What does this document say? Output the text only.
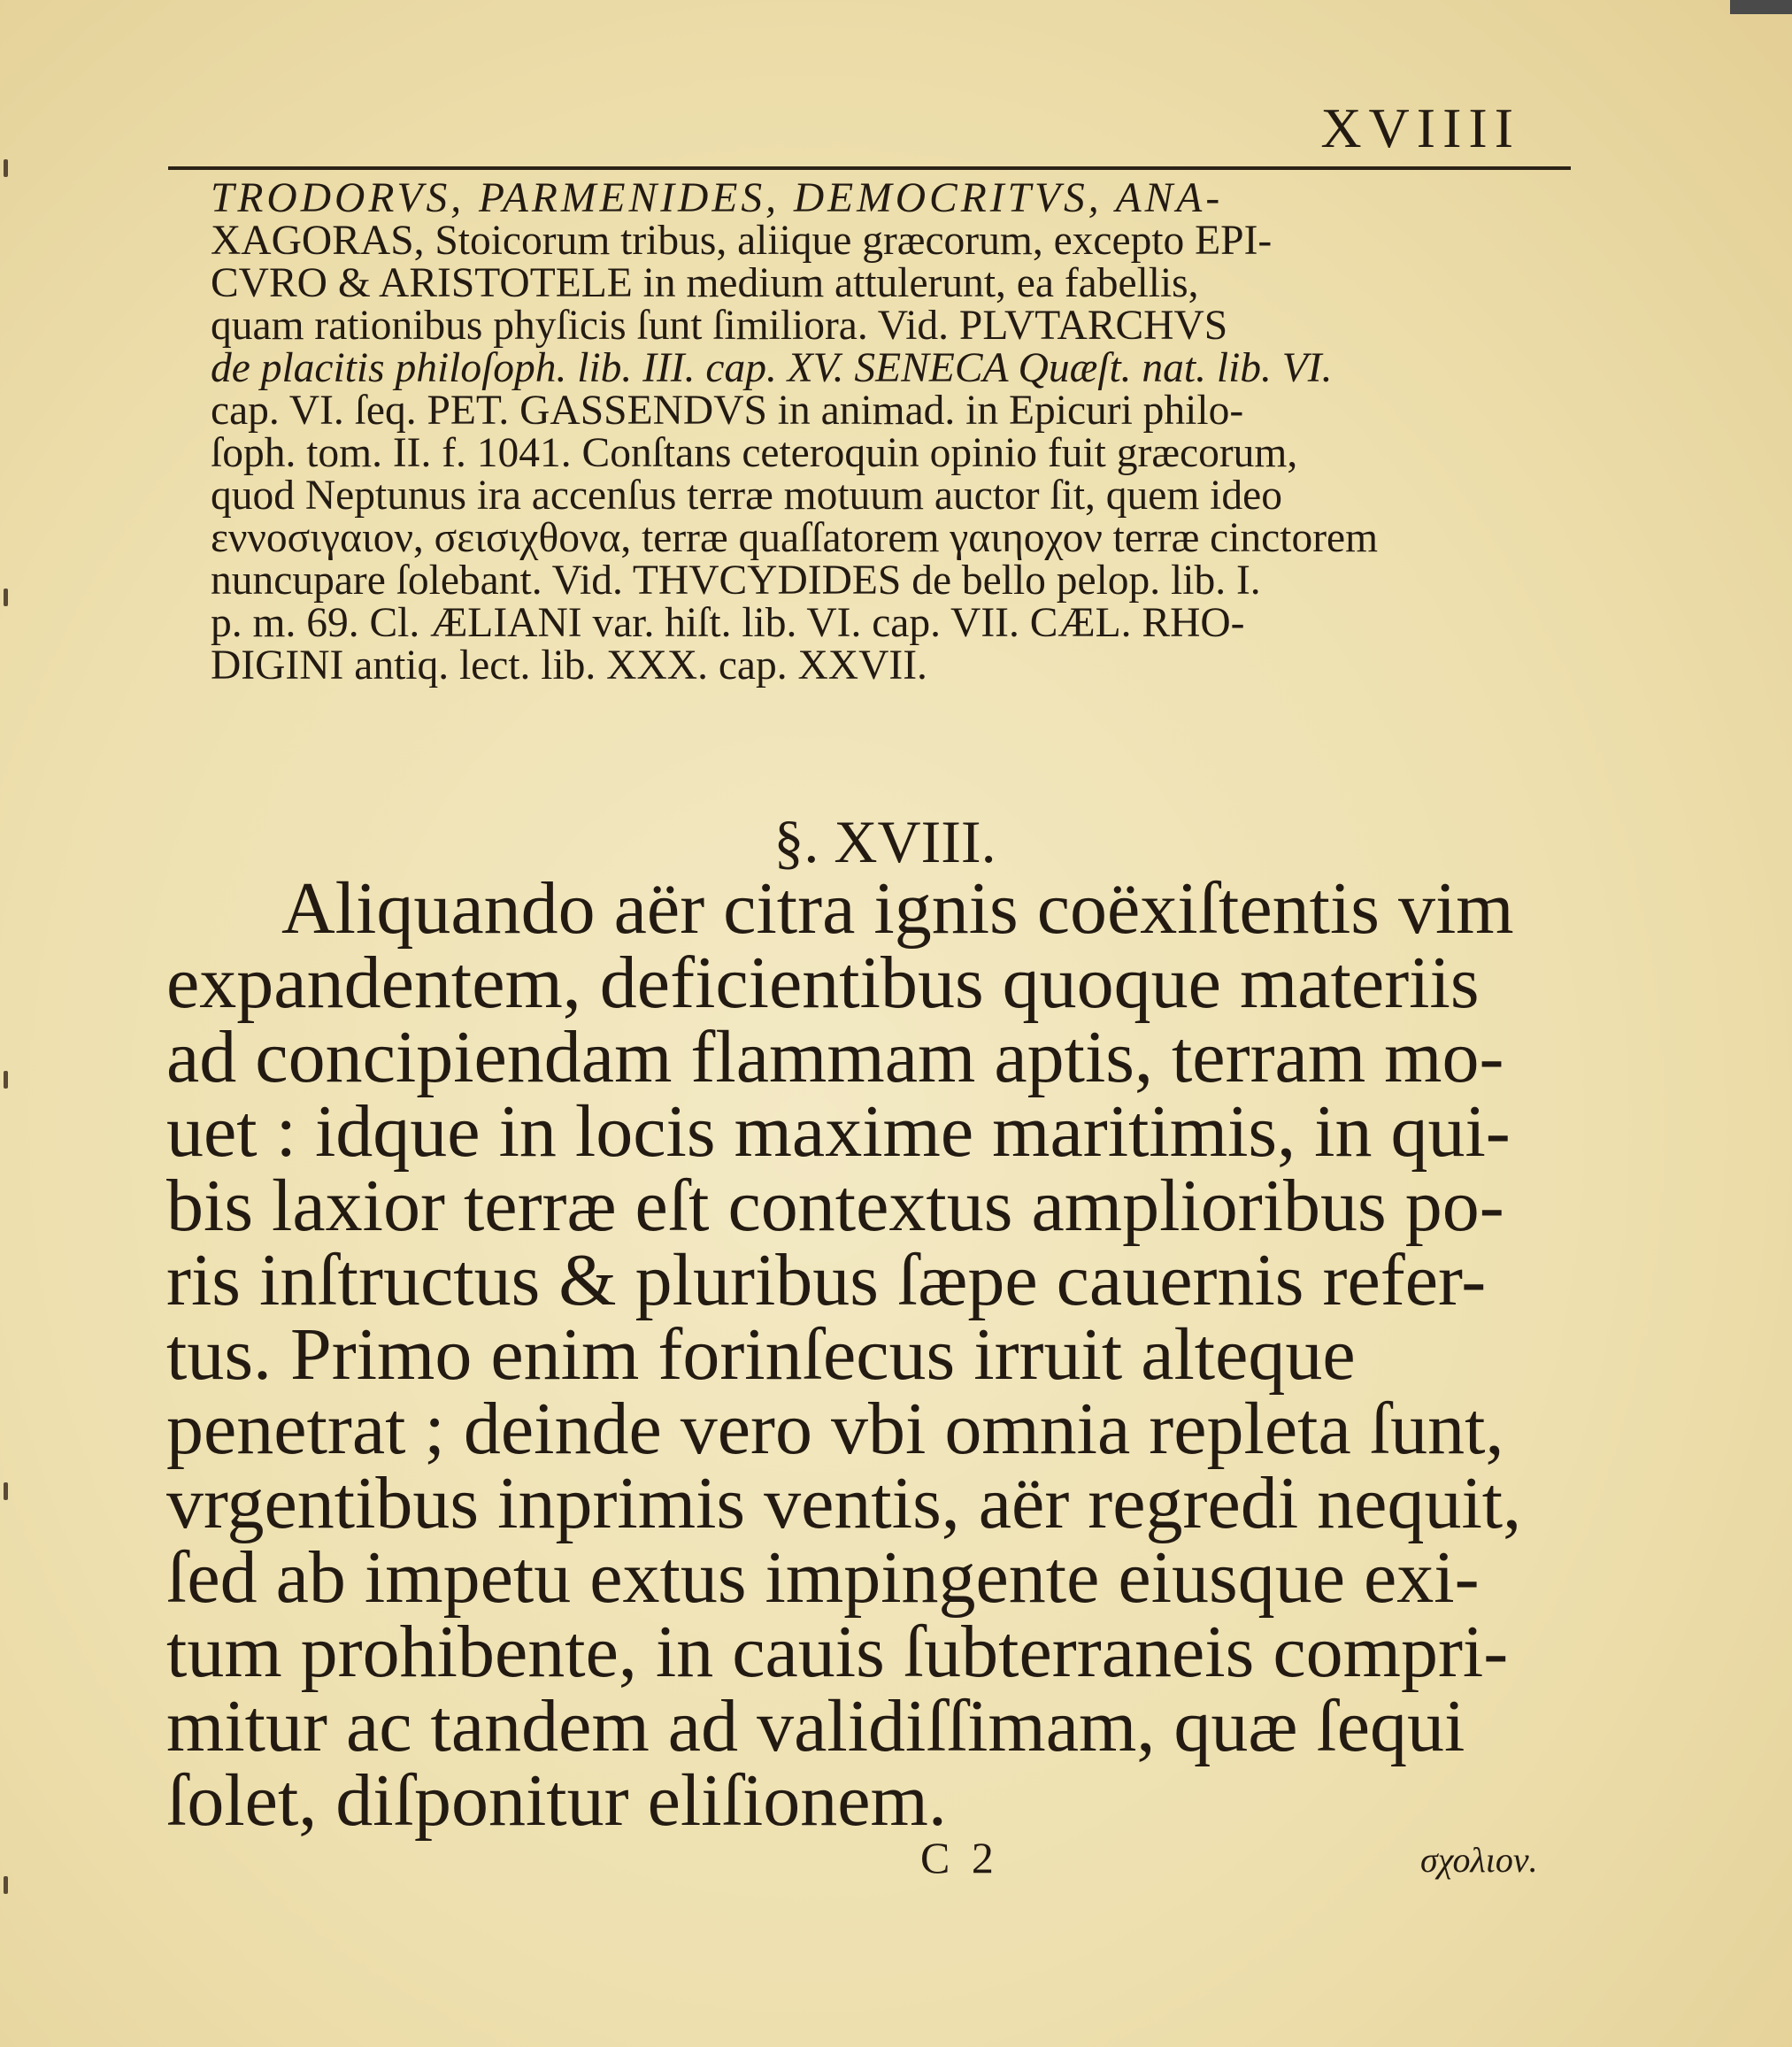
XVIIII
TRODORVS, PARMENIDES, DEMOCRITVS, ANA-
XAGORAS, Stoicorum tribus, aliique græcorum, excepto EPI-
CVRO & ARISTOTELE in medium attulerunt, ea fabellis,
quam rationibus phyſicis ſunt ſimiliora. Vid. PLVTARCHVS
de placitis philoſoph. lib. III. cap. XV. SENECA Quæſt. nat. lib. VI.
cap. VI. ſeq. PET. GASSENDVS in animad. in Epicuri philo-
ſoph. tom. II. f. 1041. Conſtans ceteroquin opinio fuit græcorum,
quod Neptunus ira accenſus terræ motuum auctor ſit, quem ideo
εννοσιγαιον, σεισιχθονα, terræ quaſſatorem γαιηοχον terræ cinctorem
nuncupare ſolebant. Vid. THVCYDIDES de bello pelop. lib. I.
p. m. 69. Cl. ÆLIANI var. hiſt. lib. VI. cap. VII. CÆL. RHO-
DIGINI antiq. lect. lib. XXX. cap. XXVII.
§. XVIII.
Aliquando aër citra ignis coëxiſtentis vim
expandentem, deficientibus quoque materiis
ad concipiendam flammam aptis, terram mo-
uet : idque in locis maxime maritimis, in qui-
bis laxior terræ eſt contextus amplioribus po-
ris inſtructus & pluribus ſæpe cauernis refer-
tus. Primo enim forinſecus irruit alteque
penetrat ; deinde vero vbi omnia repleta ſunt,
vrgentibus inprimis ventis, aër regredi nequit,
ſed ab impetu extus impingente eiusque exi-
tum prohibente, in cauis ſubterraneis compri-
mitur ac tandem ad validiſſimam, quæ ſequi
ſolet, diſponitur eliſionem.
C 2	σχολιον.
